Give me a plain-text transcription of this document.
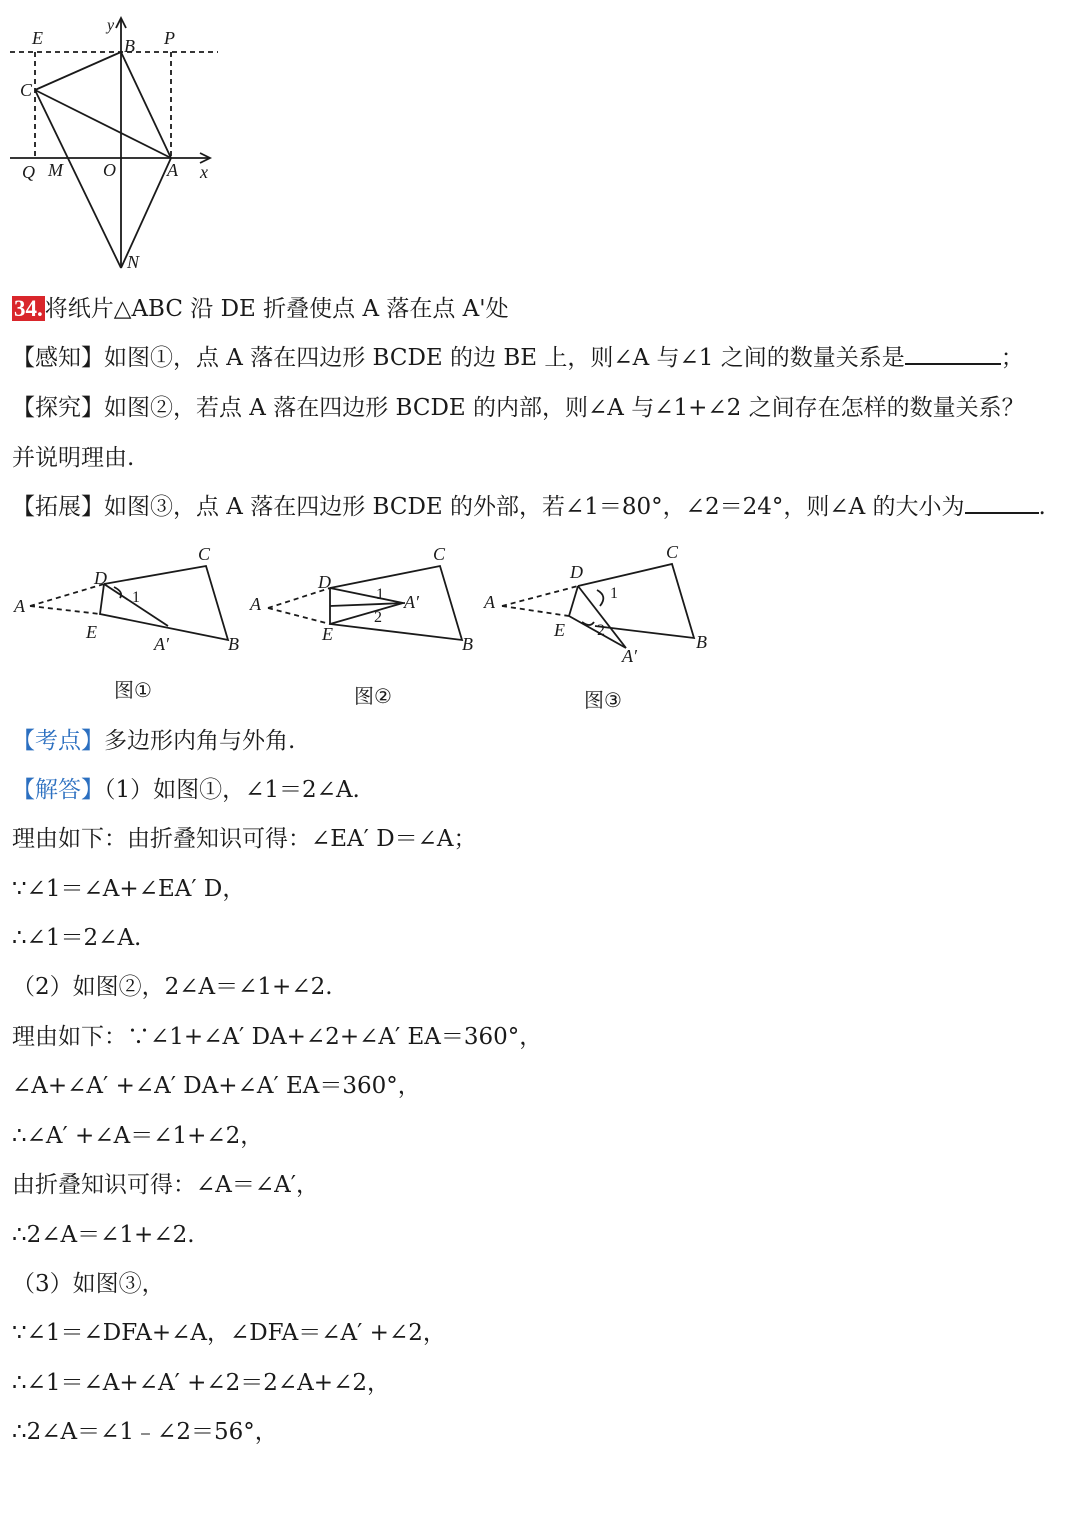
E
y
B P
C
Q M O	A x
N
34.将纸片△ABC 沿 DE 折叠使点 A 落在点 A'处
【感知】如图①，点 A 落在四边形 BCDE 的边 BE 上，则∠A 与∠1 之间的数量关系是	；
【探究】如图②，若点 A 落在四边形 BCDE 的内部，则∠A 与∠1+∠2 之间存在怎样的数量关系？
并说明理由.
【拓展】如图③，点 A 落在四边形 BCDE 的外部，若∠1＝80°，∠2＝24°，则∠A 的大小为	.
A
D
C
E
A′	B
1	A
D
C
E
A′
B
1
2
A
D
C
E
A′
B
1
2
图①	图②	图③
【考点】多边形内角与外角.
【解答】（1）如图①，∠1＝2∠A.
理由如下：由折叠知识可得：∠EA′ D＝∠A；
∵∠1＝∠A+∠EA′ D，
∴∠1＝2∠A.
（2）如图②，2∠A＝∠1+∠2.
理由如下：∵∠1+∠A′ DA+∠2+∠A′ EA＝360°，
∠A+∠A′ +∠A′ DA+∠A′ EA＝360°，
∴∠A′ +∠A＝∠1+∠2，
由折叠知识可得：∠A＝∠A′，
∴2∠A＝∠1+∠2.
（3）如图③，
∵∠1＝∠DFA+∠A，∠DFA＝∠A′ +∠2，
∴∠1＝∠A+∠A′ +∠2＝2∠A+∠2，
∴2∠A＝∠1﹣∠2＝56°，
